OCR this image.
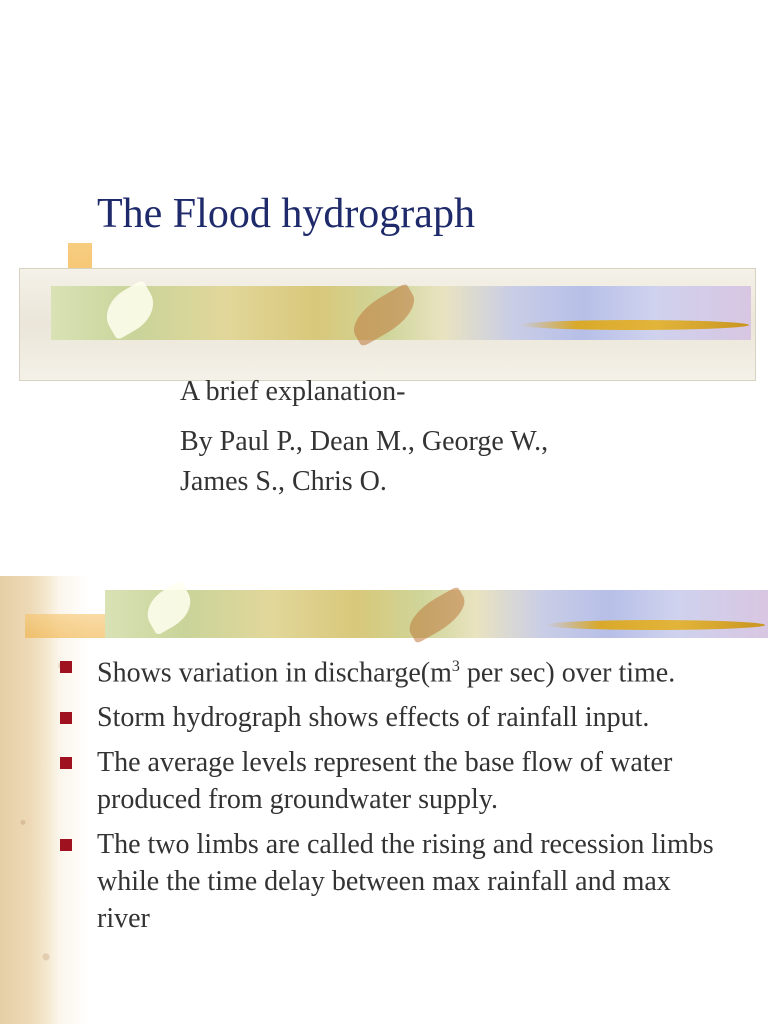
The Flood hydrograph
A brief explanation-
By Paul P., Dean M., George W.,
James S., Chris O.
Shows variation in $discharge(m^3$ per sec) over time.
Storm hydrograph shows effects of rainfall input.
The average levels represent the base flow of water produced from groundwater supply.
The two limbs are called the rising and recession limbs while the time delay between max rainfall and max river
